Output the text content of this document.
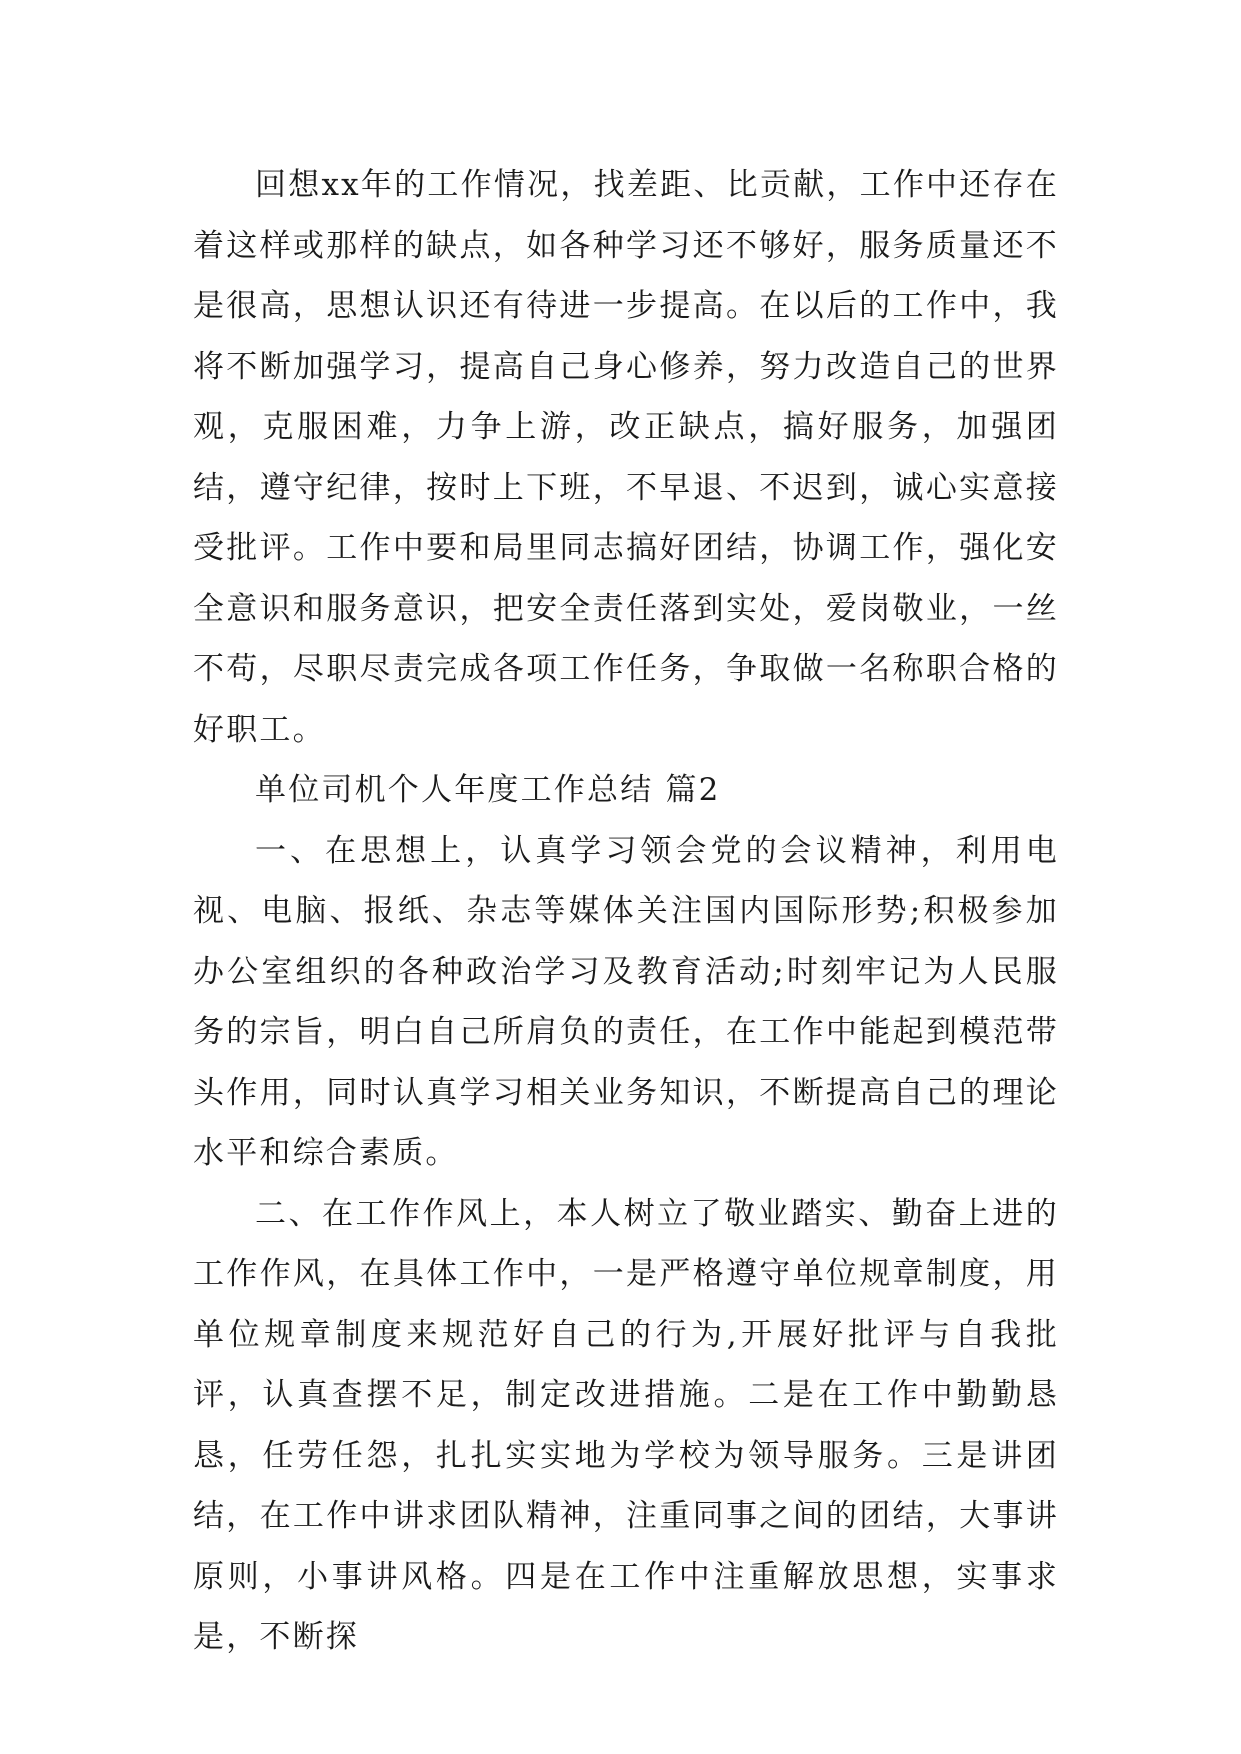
回想xx年的工作情况，找差距、比贡献，工作中还存在着这样或那样的缺点，如各种学习还不够好，服务质量还不是很高，思想认识还有待进一步提高。在以后的工作中，我将不断加强学习，提高自己身心修养，努力改造自己的世界观，克服困难，力争上游，改正缺点，搞好服务，加强团结，遵守纪律，按时上下班，不早退、不迟到，诚心实意接受批评。工作中要和局里同志搞好团结，协调工作，强化安全意识和服务意识，把安全责任落到实处，爱岗敬业，一丝不苟，尽职尽责完成各项工作任务，争取做一名称职合格的好职工。

单位司机个人年度工作总结 篇2

一、在思想上，认真学习领会党的会议精神，利用电视、电脑、报纸、杂志等媒体关注国内国际形势;积极参加办公室组织的各种政治学习及教育活动;时刻牢记为人民服务的宗旨，明白自己所肩负的责任，在工作中能起到模范带头作用，同时认真学习相关业务知识，不断提高自己的理论水平和综合素质。

二、在工作作风上，本人树立了敬业踏实、勤奋上进的工作作风，在具体工作中，一是严格遵守单位规章制度，用单位规章制度来规范好自己的行为,开展好批评与自我批评，认真查摆不足，制定改进措施。二是在工作中勤勤恳恳，任劳任怨，扎扎实实地为学校为领导服务。三是讲团结，在工作中讲求团队精神，注重同事之间的团结，大事讲原则，小事讲风格。四是在工作中注重解放思想，实事求是，不断探
